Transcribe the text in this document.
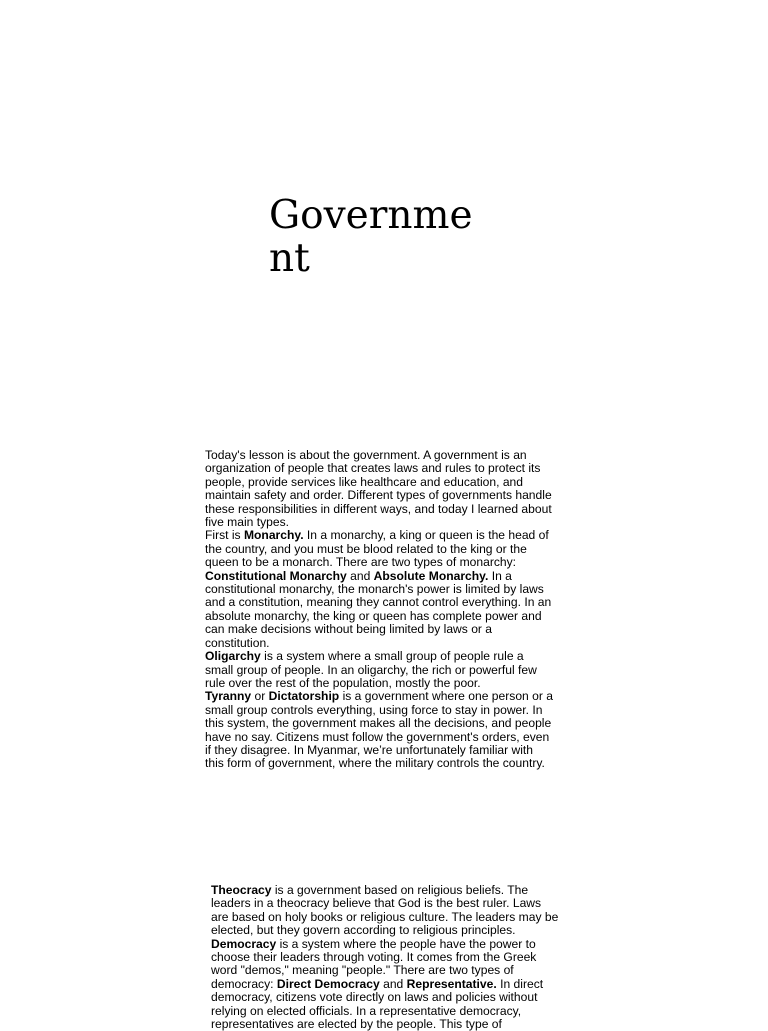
Government

Today's lesson is about the government. A government is an organization of people that creates laws and rules to protect its people, provide services like healthcare and education, and maintain safety and order. Different types of governments handle these responsibilities in different ways, and today I learned about five main types.

First is Monarchy. In a monarchy, a king or queen is the head of the country, and you must be blood related to the king or the queen to be a monarch. There are two types of monarchy:

Constitutional Monarchy and Absolute Monarchy. In a constitutional monarchy, the monarch's power is limited by laws and a constitution, meaning they cannot control everything. In an absolute monarchy, the king or queen has complete power and can make decisions without being limited by laws or a constitution.

Oligarchy is a system where a small group of people rule a small group of people. In an oligarchy, the rich or powerful few rule over the rest of the population, mostly the poor.

Tyranny or Dictatorship is a government where one person or a small group controls everything, using force to stay in power. In this system, the government makes all the decisions, and people have no say. Citizens must follow the government's orders, even if they disagree. In Myanmar, we’re unfortunately familiar with this form of government, where the military controls the country.

Theocracy is a government based on religious beliefs. The leaders in a theocracy believe that God is the best ruler. Laws are based on holy books or religious culture. The leaders may be elected, but they govern according to religious principles.

Democracy is a system where the people have the power to choose their leaders through voting. It comes from the Greek word "demos," meaning "people." There are two types of democracy: Direct Democracy and Representative. In direct democracy, citizens vote directly on laws and policies without relying on elected officials. In a representative democracy, representatives are elected by the people. This type of
